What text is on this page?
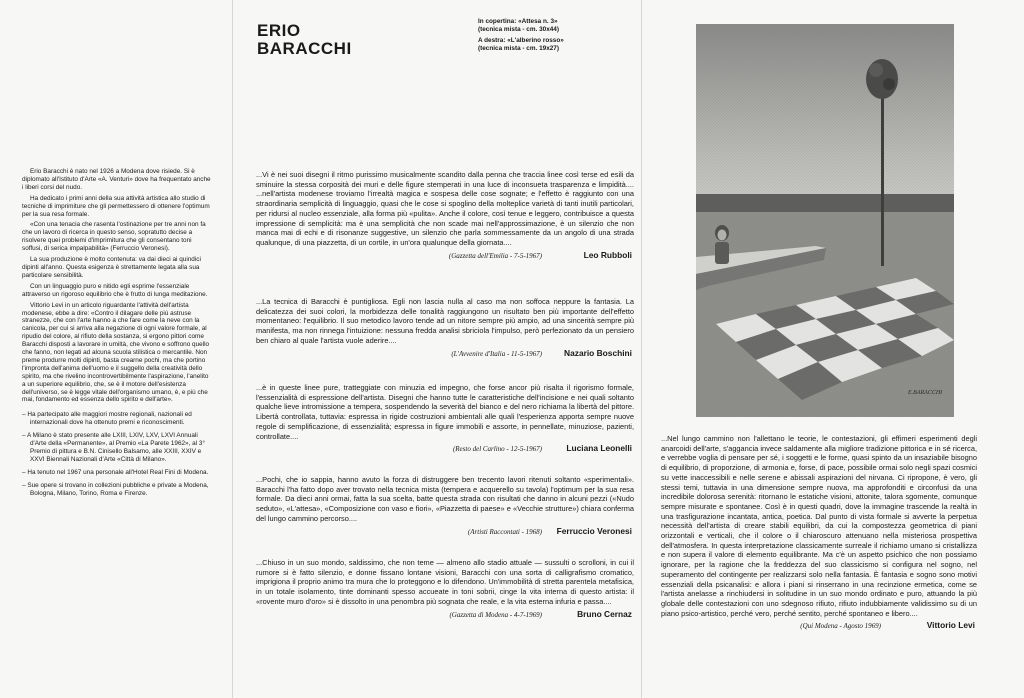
Erio Baracchi è nato nel 1926 a Modena dove risiede. Si è diplomato all'Istituto d'Arte «A. Venturi» dove ha frequentato anche i liberi corsi del nudo.

Ha dedicato i primi anni della sua attività artistica allo studio di tecniche di imprimiture che gli permettessero di ottenere l'optimum per la sua resa formale.

«Con una tenacia che rasenta l'ostinazione per tre anni non fa che un lavoro di ricerca in questo senso, sopratutto decise a risolvere quei problemi d'imprimitura che gli consentano toni soffusi, di serica impalpabilità» (Ferruccio Veronesi).

La sua produzione è molto contenuta: va dai dieci ai quindici dipinti all'anno. Questa esigenza è strettamente legata alla sua particolare sensibilità.

Con un linguaggio puro e nitido egli esprime l'essenziale attraverso un rigoroso equilibrio che è frutto di lunga meditazione.

Vittorio Levi in un articolo riguardante l'attività dell'artista modenese, ebbe a dire: «Contro il dilagare delle più astruse stranezze, che con l'arte hanno a che fare come la neve con la canicola, per cui si arriva alla negazione di ogni valore formale, al ripudio del colore, al rifiuto della sostanza, si ergono pittori come Baracchi disposti a lavorare in umiltà, che vivono e soffrono quello che fanno, non legati ad alcuna scuola stilistica o mercantile. Non preme produrre molti dipinti, basta crearne pochi, ma che portino l'impronta dell'anima dell'uomo e il suggello della creatività dello spirito, ma che rivelino incontrovertibilmente l'aspirazione, l'anelito a un superiore equilibrio, che, se è il motore dell'esistenza dell'universo, se è legge vitale dell'organismo umano, è, e più che mai, fondamento ed essenza dello spirito e dell'arte».

– Ha partecipato alle maggiori mostre regionali, nazionali ed internazionali dove ha ottenuto premi e riconoscimenti.

– A Milano è stato presente alle LXIII, LXIV, LXV, LXVI Annuali d'Arte della «Permanente», al Premio «La Parete 1962», al 3° Premio di pittura e B.N. Cinisello Balsamo, alle XXIII, XXIV e XXVI Biennali Nazionali d'Arte «Città di Milano».

– Ha tenuto nel 1967 una personale all'Hotel Real Fini di Modena.

– Sue opere si trovano in collezioni pubbliche e private a Modena, Bologna, Milano, Torino, Roma e Firenze.

ERIO
BARACCHI
In copertina: «Attesa n. 3»
(tecnica mista - cm. 30x44)
A destra: «L'alberino rosso»
(tecnica mista - cm. 19x27)

...Vi è nei suoi disegni il ritmo purissimo musicalmente scandito dalla penna che traccia linee così terse ed esili da sminuire la stessa corposità dei muri e delle figure stemperati in una luce di inconsueta trasparenza e limpidità.... ...nell'artista modenese troviamo l'irrealtà magica e sospesa delle cose sognate; e l'effetto è raggiunto con una straordinaria semplicità di linguaggio, quasi che le cose si spoglino della molteplice varietà di tanti inutili particolari, per ridursi al nucleo essenziale, alla forma più «pulita». Anche il colore, così tenue e leggero, contribuisce a questa impressione di semplicità: ma è una semplicità che non scade mai nell'approssimazione, è un silenzio che non manca mai di echi e di risonanze suggestive, un silenzio che parla sommessamente da un angolo di una strada qualunque, di una piazzetta, di un cortile, in un'ora qualunque della giornata....

(Gazzetta dell'Emilia - 7-5-1967)	Leo Rubboli

...La tecnica di Baracchi è puntigliosa. Egli non lascia nulla al caso ma non soffoca neppure la fantasia. La delicatezza dei suoi colori, la morbidezza delle tonalità raggiungono un risultato ben più importante dell'effetto momentaneo: l'equilibrio. Il suo metodico lavoro tende ad un nitore sempre più ampio, ad una sincerità sempre più manifesta, ma non rinnega l'intuizione: nessuna fredda analisi sbriciola l'impulso, però perfezionato da un pensiero ben chiaro al quale l'artista vuole aderire....

(L'Avvenire d'Italia - 11-5-1967)	Nazario Boschini

...è in queste linee pure, tratteggiate con minuzia ed impegno, che forse ancor più risalta il rigorismo formale, l'essenzialità di espressione dell'artista. Disegni che hanno tutte le caratteristiche dell'incisione e nei quali soltanto qualche lieve intromissione a tempera, sospendendo la severità del bianco e del nero richiama la libertà del pittore. Libertà controllata, tuttavia: espressa in rigide costruzioni ambientali alle quali l'esperienza apporta sempre nuove regole di semplificazione, di essenzialità; espressa in figure immobili e assorte, in pennellate, minuziose, pazienti, controllate....

(Resto del Carlino - 12-5-1967)	Luciana Leonelli

...Pochi, che io sappia, hanno avuto la forza di distruggere ben trecento lavori ritenuti soltanto «sperimentali». Baracchi l'ha fatto dopo aver trovato nella tecnica mista (tempera e acquerello su tavola) l'optimum per la sua resa formale. Da dieci anni ormai, fatta la sua scelta, batte questa strada con risultati che danno in alcuni pezzi («Nudo seduto», «L'attesa», «Composizione con vaso e fiori», «Piazzetta di paese» e «Vecchie strutture») chiara conferma del lungo cammino percorso....

(Artisti Raccontati - 1968) Ferruccio Veronesi

...Chiuso in un suo mondo, saldissimo, che non teme — almeno allo stadio attuale — sussulti o scrolloni, in cui il rumore si è fatto silenzio, e donne fissano lontane visioni, Baracchi con una sorta di calligrafismo cromatico, imprigiona il proprio animo tra mura che lo proteggono e lo difendono. Un'immobilità di stretta parentela metafisica, in un totale isolamento, tinte dominanti spesso accueate in toni sobrii, cinge la vita interna di questo artista: il «rovente muro d'oro» si è dissolto in una penombra più sognata che reale, e la vita esterna infuria e passa....

(Gazzetta di Modena - 4-7-1969)	Bruno Cernaz
E.BARACCHI

...Nel lungo cammino non l'allettano le teorie, le contestazioni, gli effimeri esperimenti degli anarcoidi dell'arte, s'aggancia invece saldamente alla migliore tradizione pittorica e in sé ricerca, e verrebbe voglia di pensare per sé, i soggetti e le forme, quasi spinto da un insaziabile bisogno di equilibrio, di proporzione, di armonia e, forse, di pace, possibile ormai solo negli spazi cosmici su vette inaccessibili e nelle serene e abissali aspirazioni del nirvana. Ci ripropone, è vero, gli stessi temi, tuttavia in una dimensione sempre nuova, ma approfonditi e circonfusi da una incredibile dolorosa serenità: ritornano le estatiche visioni, attonite, talora sgomente, comunque sempre misurate e spontanee. Così è in questi quadri, dove la immagine trascende la realtà in una trasfigurazione incantata, antica, poetica. Dal punto di vista formale si avverte la perpetua necessità dell'artista di creare stabili equilibri, da cui la compostezza geometrica di piani orizzontali e verticali, che il colore o il chiaroscuro attenuano nella misteriosa prospettiva dell'atmosfera. In questa interpretazione classicamente surreale il richiamo umano si cristallizza e non supera il valore di elemento equilibrante. Ma c'è un aspetto psichico che non possiamo ignorare, per la ragione che la freddezza del suo classicismo si configura nel sogno, nel superamento del contingente per realizzarsi solo nella fantasia. È fantasia e sogno sono motivi essenziali della psicanalisi: e allora i piani si rinserrano in una recinzione ermetica, come se l'artista anelasse a rinchiudersi in solitudine in un suo mondo ordinato e puro, attuando la più globale delle contestazioni con uno sdegnoso rifiuto, rifiuto indubbiamente validissimo su di un piano psico-artistico, perché vero, perché sentito, perché spontaneo e libero....

(Qui Modena - Agosto 1969)	Vittorio Levi
